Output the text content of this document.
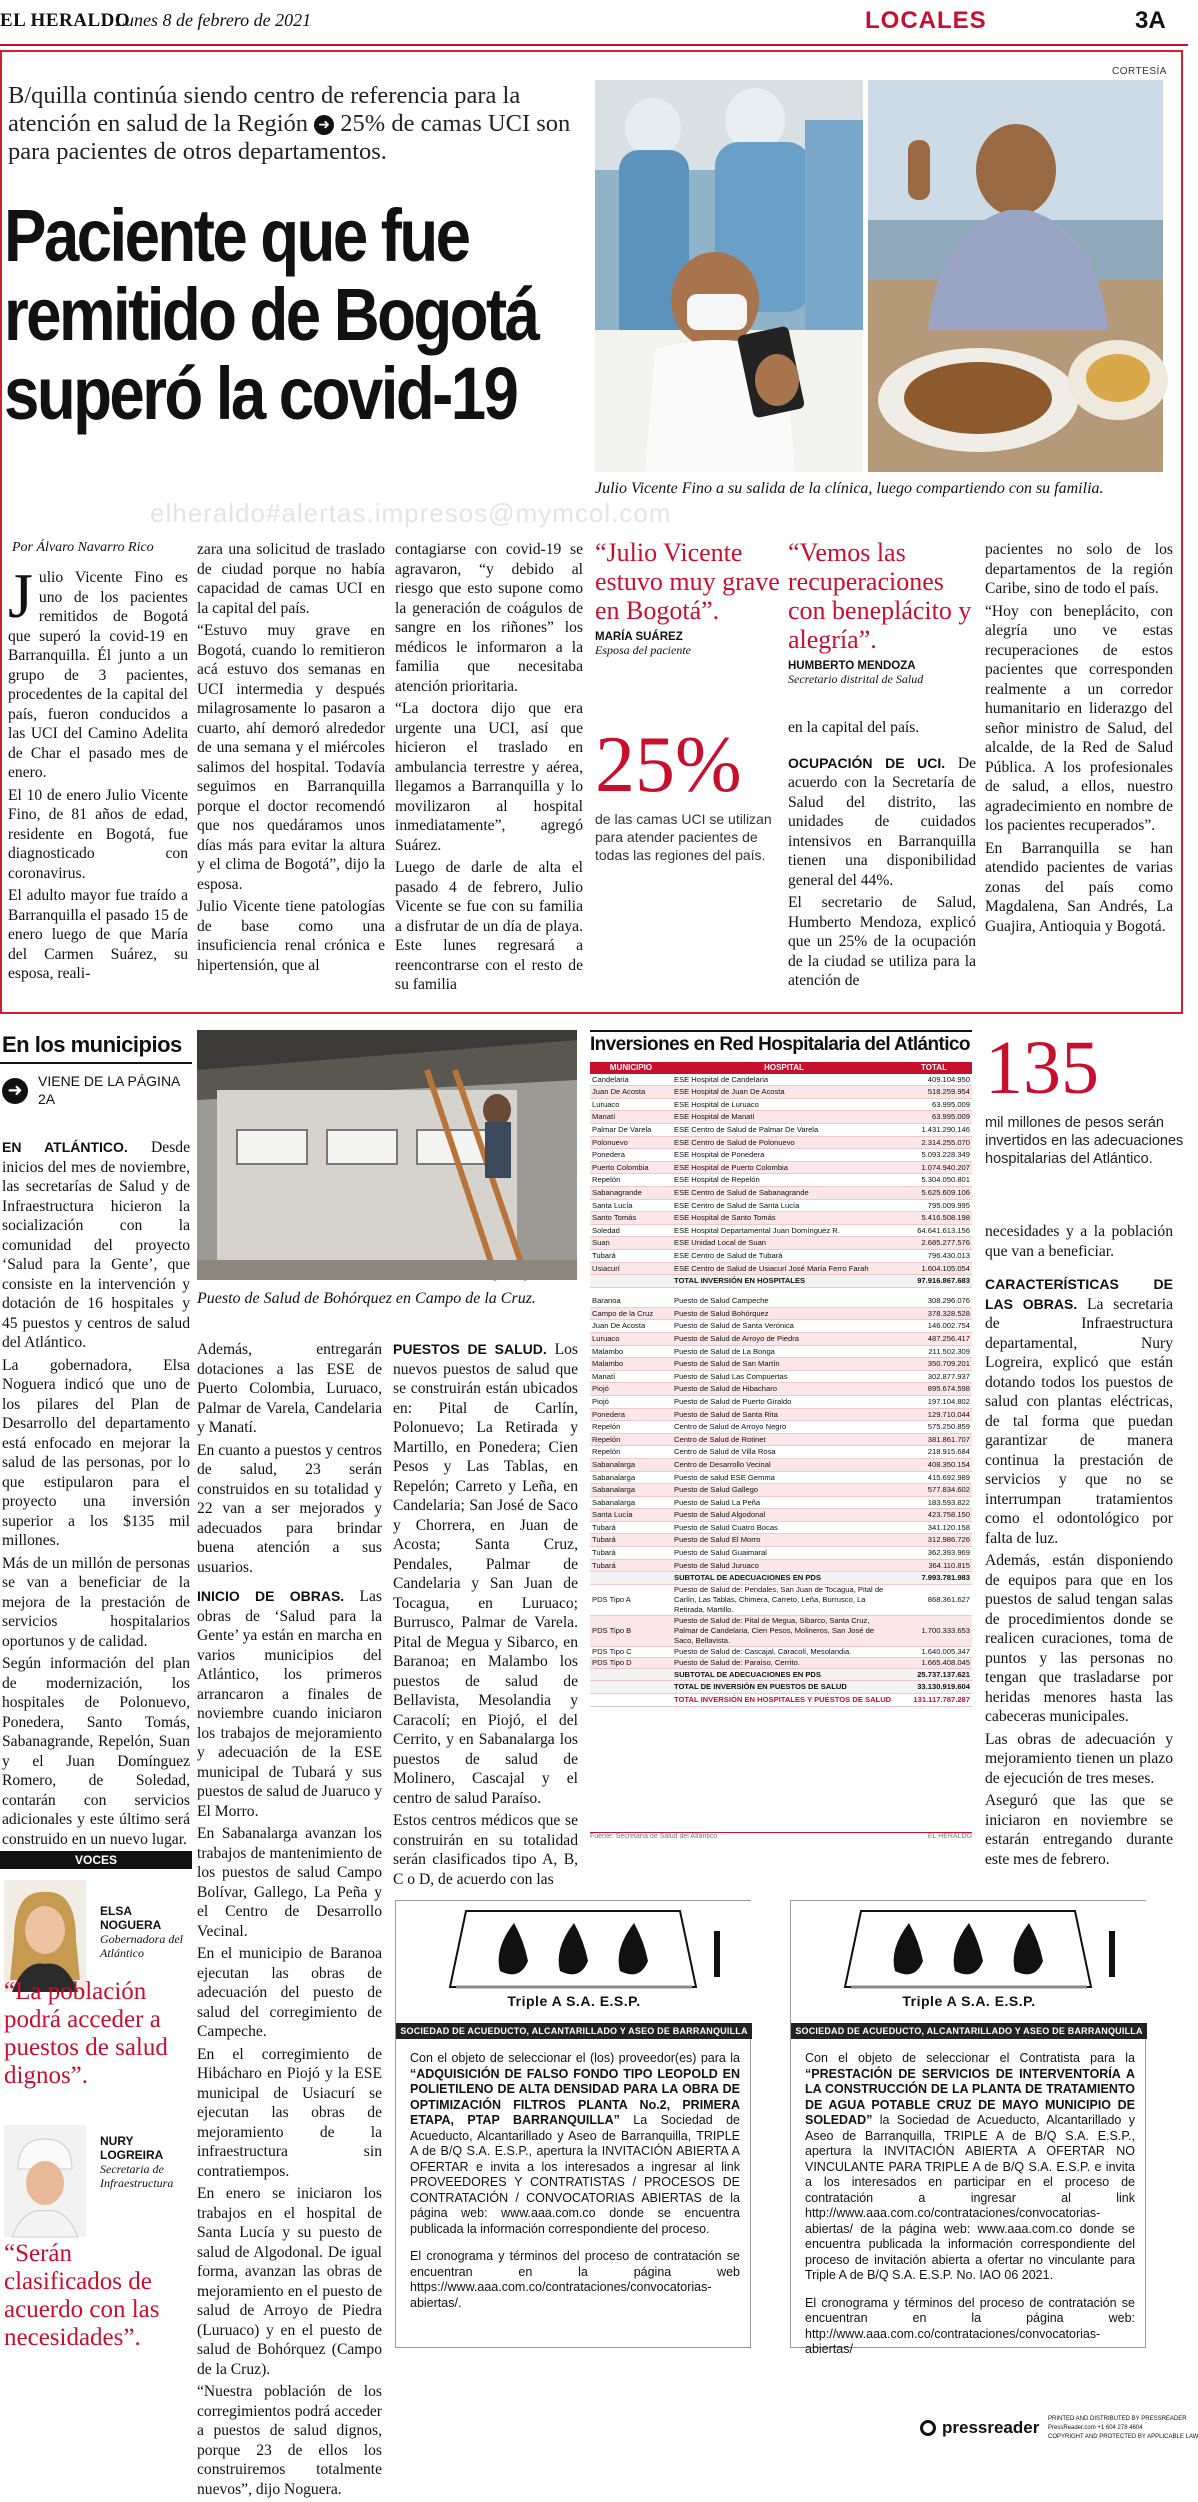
EL HERALDO
Lunes 8 de febrero de 2021	LOCALES	3A
B/quilla continúa siendo centro de referencia para la atención en salud de la Región ➜ 25% de camas UCI son para pacientes de otros departamentos.
Paciente que fue
remitido de Bogotá
superó la covid-19
CORTESÍA
Julio Vicente Fino a su salida de la clínica, luego compartiendo con su familia.
elheraldo#alertas.impresos@mymcol.com
Por Álvaro Navarro Rico

Julio Vicente Fino es uno de los pacientes remitidos de Bogotá que superó la covid-19 en Barranquilla. Él junto a un grupo de 3 pacientes, procedentes de la capital del país, fueron conducidos a las UCI del Camino Adelita de Char el pasado mes de enero.

El 10 de enero Julio Vicente Fino, de 81 años de edad, residente en Bogotá, fue diagnosticado con coronavirus.

El adulto mayor fue traído a Barranquilla el pasado 15 de enero luego de que María del Carmen Suárez, su esposa, reali-

zara una solicitud de traslado de ciudad porque no había capacidad de camas UCI en la capital del país.

“Estuvo muy grave en Bogotá, cuando lo remitieron acá estuvo dos semanas en UCI intermedia y después milagrosamente lo pasaron a cuarto, ahí demoró alrededor de una semana y el miércoles salimos del hospital. Todavía seguimos en Barranquilla porque el doctor recomendó que nos quedáramos unos días más para evitar la altura y el clima de Bogotá”, dijo la esposa.

Julio Vicente tiene patologías de base como una insuficiencia renal crónica e hipertensión, que al

contagiarse con covid-19 se agravaron, “y debido al riesgo que esto supone como la generación de coágulos de sangre en los riñones” los médicos le informaron a la familia que necesitaba atención prioritaria.

“La doctora dijo que era urgente una UCI, así que hicieron el traslado en ambulancia terrestre y aérea, llegamos a Barranquilla y lo movilizaron al hospital inmediatamente”, agregó Suárez.

Luego de darle de alta el pasado 4 de febrero, Julio Vicente se fue con su familia a disfrutar de un día de playa. Este lunes regresará a reencontrarse con el resto de su familia

“Julio Vicente estuvo muy grave en Bogotá”.
MARÍA SUÁREZ
Esposa del paciente
“Vemos las recuperaciones con beneplácito y alegría”.
HUMBERTO MENDOZA
Secretario distrital de Salud
25%
de las camas UCI se utilizan para atender pacientes de todas las regiones del país.

en la capital del país.

OCUPACIÓN DE UCI. De acuerdo con la Secretaría de Salud del distrito, las unidades de cuidados intensivos en Barranquilla tienen una disponibilidad general del 44%.

El secretario de Salud, Humberto Mendoza, explicó que un 25% de la ocupación de la ciudad se utiliza para la atención de

pacientes no solo de los departamentos de la región Caribe, sino de todo el país.

“Hoy con beneplácito, con alegría uno ve estas recuperaciones de estos pacientes que corresponden realmente a un corredor humanitario en liderazgo del señor ministro de Salud, del alcalde, de la Red de Salud Pública. A los profesionales de salud, a ellos, nuestro agradecimiento en nombre de los pacientes recuperados”.

En Barranquilla se han atendido pacientes de varias zonas del país como Magdalena, San Andrés, La Guajira, Antioquia y Bogotá.

En los municipios
➜	VIENE DE LA PÁGINA 2A

EN ATLÁNTICO. Desde inicios del mes de noviembre, las secretarías de Salud y de Infraestructura hicieron la socialización con la comunidad del proyecto ‘Salud para la Gente’, que consiste en la intervención y dotación de 16 hospitales y 45 puestos y centros de salud del Atlántico.

La gobernadora, Elsa Noguera indicó que uno de los pilares del Plan de Desarrollo del departamento está enfocado en mejorar la salud de las personas, por lo que estipularon para el proyecto una inversión superior a los $135 mil millones.

Más de un millón de personas se van a beneficiar de la mejora de la prestación de servicios hospitalarios oportunos y de calidad.

Según información del plan de modernización, los hospitales de Polonuevo, Ponedera, Santo Tomás, Sabanagrande, Repelón, Suan y el Juan Domínguez Romero, de Soledad, contarán con servicios adicionales y este último será construido en un nuevo lugar.

Puesto de Salud de Bohórquez en Campo de la Cruz.

Además, entregarán dotaciones a las ESE de Puerto Colombia, Luruaco, Palmar de Varela, Candelaria y Manatí.

En cuanto a puestos y centros de salud, 23 serán construidos en su totalidad y 22 van a ser mejorados y adecuados para brindar buena atención a sus usuarios.

INICIO DE OBRAS. Las obras de ‘Salud para la Gente’ ya están en marcha en varios municipios del Atlántico, los primeros arrancaron a finales de noviembre cuando iniciaron los trabajos de mejoramiento y adecuación de la ESE municipal de Tubará y sus puestos de salud de Juaruco y El Morro.

En Sabanalarga avanzan los trabajos de mantenimiento de los puestos de salud Campo Bolívar, Gallego, La Peña y el Centro de Desarrollo Vecinal.

En el municipio de Baranoa ejecutan las obras de adecuación del puesto de salud del corregimiento de Campeche.

En el corregimiento de Hibácharo en Piojó y la ESE municipal de Usiacurí se ejecutan las obras de mejoramiento de la infraestructura sin contratiempos.

En enero se iniciaron los trabajos en el hospital de Santa Lucía y su puesto de salud de Algodonal. De igual forma, avanzan las obras de mejoramiento en el puesto de salud de Arroyo de Piedra (Luruaco) y en el puesto de salud de Bohórquez (Campo de la Cruz).

“Nuestra población de los corregimientos podrá acceder a puestos de salud dignos, porque 23 de ellos los construiremos totalmente nuevos”, dijo Noguera.

PUESTOS DE SALUD. Los nuevos puestos de salud que se construirán están ubicados en: Pital de Carlín, Polonuevo; La Retirada y Martillo, en Ponedera; Cien Pesos y Las Tablas, en Repelón; Carreto y Leña, en Candelaria; San José de Saco y Chorrera, en Juan de Acosta; Santa Cruz, Pendales, Palmar de Candelaria y San Juan de Tocagua, en Luruaco; Burrusco, Palmar de Varela. Pital de Megua y Sibarco, en Baranoa; en Malambo los puestos de salud de Bellavista, Mesolandia y Caracolí; en Piojó, el del Cerrito, y en Sabanalarga los puestos de salud de Molinero, Cascajal y el centro de salud Paraíso.

Estos centros médicos que se construirán en su totalidad serán clasificados tipo A, B, C o D, de acuerdo con las

Inversiones en Red Hospitalaria del Atlántico
MUNICIPIO	HOSPITAL	TOTAL
Candelaria	ESE Hospital de Candelaria	409.104.950
Juan De Acosta	ESE Hospital de Juan De Acosta	518.259.954
Luruaco	ESE Hospital de Luruaco	63.995.009
Manatí	ESE Hospital de Manatí	63.995.009
Palmar De Varela	ESE Centro de Salud de Palmar De Varela	1.431.290.146
Polonuevo	ESE Centro de Salud de Polonuevo	2.314.255.070
Ponedera	ESE Hospital de Ponedera	5.093.228.349
Puerto Colombia	ESE Hospital de Puerto Colombia	1.074.940.207
Repelón	ESE Hospital de Repelón	5.304.050.801
Sabanagrande	ESE Centro de Salud de Sabanagrande	5.625.609.106
Santa Lucía	ESE Centro de Salud de Santa Lucía	795.009.995
Santo Tomás	ESE Hospital de Santo Tomás	5.416.508.198
Soledad	ESE Hospital Departamental Juan Domínguez R.	64.641.613.156
Suan	ESE Unidad Local de Suan	2.685.277.576
Tubará	ESE Centro de Salud de Tubará	796.430.013
Usiacurí	ESE Centro de Salud de Usiacurí José María Ferro Farah	1.604.105.054
	TOTAL INVERSIÓN EN HOSPITALES	97.916.867.683

Baranoa	Puesto de Salud Campeche	308.296.076
Campo de la Cruz	Puesto de Salud Bohórquez	378.328.528
Juan De Acosta	Puesto de Salud de Santa Verónica	146.002.754
Luruaco	Puesto de Salud de Arroyo de Piedra	487.256.417
Malambo	Puesto de Salud de La Bonga	211.502.309
Malambo	Puesto de Salud de San Martín	350.709.201
Manatí	Puesto de Salud Las Compuertas	302.877.937
Piojó	Puesto de Salud de Hibacharo	895.674.598
Piojó	Puesto de Salud de Puerto Giraldo	197.104.802
Ponedera	Puesto de Salud de Santa Rita	129.710.044
Repelón	Centro de Salud de Arroyo Negro	575.250.859
Repelón	Centro de Salud de Rotinet	381.861.707
Repelón	Centro de Salud de Villa Rosa	218.915.684
Sabanalarga	Centro de Desarrollo Vecinal	408.350.154
Sabanalarga	Puesto de salud ESE Gemma	415.692.989
Sabanalarga	Puesto de Salud Gallego	577.834.602
Sabanalarga	Puesto de Salud La Peña	183.593.822
Santa Lucía	Puesto de Salud Algodonal	423.758.150
Tubará	Puesto de Salud Cuatro Bocas	341.120.158
Tubará	Puesto de Salud El Morro	312.986.726
Tubará	Puesto de Salud Guaimaral	362.393.969
Tubará	Puesto de Salud Juruaco	364.110.815
	SUBTOTAL DE ADECUACIONES EN PDS	7.993.781.983
PDS Tipo A	Puesto de Salud de: Pendales, San Juan de Tocagua, Pital de Carlín, Las Tablas, Chimera, Carreto, Leña, Burrusco, La Retirada, Martillo.	868.361.627
PDS Tipo B	Puesto de Salud de: Pital de Megua, Sibarco, Santa Cruz, Palmar de Candelaria, Cien Pesos, Molineros, San José de Saco, Bellavista.	1.700.333.653
PDS Tipo C	Puesto de Salud de: Cascajal, Caracolí, Mesolandia.	1.640.005.347
PDS Tipo D	Puesto de Salud de: Paraíso, Cerrito.	1.665.408.045
	SUBTOTAL DE ADECUACIONES EN PDS	25.737.137.621
	TOTAL DE INVERSIÓN EN PUESTOS DE SALUD	33.130.919.604
	TOTAL INVERSIÓN EN HOSPITALES Y PUESTOS DE SALUD	131.117.787.287
Fuente: Secretaría de Salud del Atlántico	EL HERALDO
135
mil millones de pesos serán invertidos en las adecuaciones hospitalarias del Atlántico.

necesidades y a la población que van a beneficiar.

CARACTERÍSTICAS DE LAS OBRAS. La secretaria de Infraestructura departamental, Nury Logreira, explicó que están dotando todos los puestos de salud con plantas eléctricas, de tal forma que puedan garantizar de manera continua la prestación de servicios y que no se interrumpan tratamientos como el odontológico por falta de luz.

Además, están disponiendo de equipos para que en los puestos de salud tengan salas de procedimientos donde se realicen curaciones, toma de puntos y las personas no tengan que trasladarse por heridas menores hasta las cabeceras municipales.

Las obras de adecuación y mejoramiento tienen un plazo de ejecución de tres meses.

Aseguró que las que se iniciaron en noviembre se estarán entregando durante este mes de febrero.

VOCES
ELSA NOGUERA
Gobernadora del Atlántico
“La población podrá acceder a puestos de salud dignos”.
NURY LOGREIRA
Secretaria de Infraestructura
“Serán clasificados de acuerdo con las necesidades”.
Triple A S.A. E.S.P.
SOCIEDAD DE ACUEDUCTO, ALCANTARILLADO Y ASEO DE BARRANQUILLA S.A. E.S.P.

Con el objeto de seleccionar el (los) proveedor(es) para la “ADQUISICIÓN DE FALSO FONDO TIPO LEOPOLD EN POLIETILENO DE ALTA DENSIDAD PARA LA OBRA DE OPTIMIZACIÓN FILTROS PLANTA No.2, PRIMERA ETAPA, PTAP BARRANQUILLA” La Sociedad de Acueducto, Alcantarillado y Aseo de Barranquilla, TRIPLE A de B/Q S.A. E.S.P., apertura la INVITACIÓN ABIERTA A OFERTAR e invita a los interesados a ingresar al link PROVEEDORES Y CONTRATISTAS / PROCESOS DE CONTRATACIÓN / CONVOCATORIAS ABIERTAS de la página web: www.aaa.com.co donde se encuentra publicada la información correspondiente del proceso.

El cronograma y términos del proceso de contratación se encuentran en la página web https://www.aaa.com.co/contrataciones/convocatorias-abiertas/.

Triple A S.A. E.S.P.
SOCIEDAD DE ACUEDUCTO, ALCANTARILLADO Y ASEO DE BARRANQUILLA S.A. E.S.P.

Con el objeto de seleccionar el Contratista para la “PRESTACIÓN DE SERVICIOS DE INTERVENTORÍA A LA CONSTRUCCIÓN DE LA PLANTA DE TRATAMIENTO DE AGUA POTABLE CRUZ DE MAYO MUNICIPIO DE SOLEDAD” la Sociedad de Acueducto, Alcantarillado y Aseo de Barranquilla, TRIPLE A de B/Q S.A. E.S.P., apertura la INVITACIÓN ABIERTA A OFERTAR NO VINCULANTE PARA TRIPLE A de B/Q S.A. E.S.P. e invita a los interesados en participar en el proceso de contratación a ingresar al link http://www.aaa.com.co/contrataciones/convocatorias-abiertas/ de la página web: www.aaa.com.co donde se encuentra publicada la información correspondiente del proceso de invitación abierta a ofertar no vinculante para Triple A de B/Q S.A. E.S.P. No. IAO 06 2021.

El cronograma y términos del proceso de contratación se encuentran en la página web: http://www.aaa.com.co/contrataciones/convocatorias-abiertas/

pressreader PRINTED AND DISTRIBUTED BY PRESSREADER
PressReader.com +1 604 278 4604
COPYRIGHT AND PROTECTED BY APPLICABLE LAW
